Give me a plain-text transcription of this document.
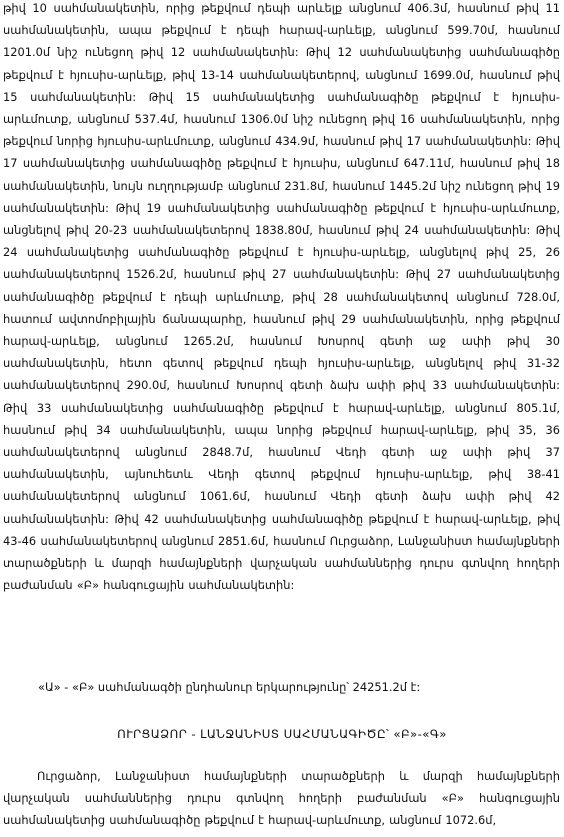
թիվ 10 սահմանակետին, որից թեքվում դեպի արևելք անցնում 406.3մ, հասնում թիվ 11 սահմանակետին, ապա թեքվում է դեպի հարավ-արևելք, անցնում 599.70մ, հասնում 1201.0մ նիշ ունեցող թիվ 12 սահմանակետին: Թիվ 12 սահմանակետից սահմանագիծը թեքվում է հյուսիս-արևելք, թիվ 13-14 սահմանակետերով, անցնում 1699.0մ, հասնում թիվ 15 սահմանակետին: Թիվ 15 սահմանակետից սահմանագիծը թեքվում է հյուսիս-արևմուտք, անցնում 537.4մ, հասնում 1306.0մ նիշ ունեցող թիվ 16 սահմանակետին, որից թեքվում նորից հյուսիս-արևմուտք, անցնում 434.9մ, հասնում թիվ 17 սահմանակետին: Թիվ 17 սահմանակետից սահմանագիծը թեքվում է հյուսիս, անցնում 647.11մ, հասնում թիվ 18 սահմանակետին, նույն ուղղությամբ անցնում 231.8մ, հասնում 1445.2մ նիշ ունեցող թիվ 19 սահմանակետին: Թիվ 19 սահմանակետից սահմանագիծը թեքվում է հյուսիս-արևմուտք, անցնելով թիվ 20-23 սահմանակետերով 1838.80մ, հասնում թիվ 24 սահմանակետին: Թիվ 24 սահմանակետից սահմանագիծը թեքվում է հյուսիս-արևելք, անցնելով թիվ 25, 26 սահմանակետերով 1526.2մ, հասնում թիվ 27 սահմանակետին: Թիվ 27 սահմանակետից սահմանագիծը թեքվում է դեպի արևմուտք, թիվ 28 սահմանակետով անցնում 728.0մ, հատում ավտոմոբիլային ճանապարհը, հասնում թիվ 29 սահմանակետին, որից թեքվում հարավ-արևելք, անցնում 1265.2մ, հասնում Խոսրով գետի աջ ափի թիվ 30 սահմանակետին, հետո գետով թեքվում դեպի հյուսիս-արևելք, անցնելով թիվ 31-32 սահմանակետերով 290.0մ, հասնում Խոսրով գետի ձախ ափի թիվ 33 սահմանակետին: Թիվ 33 սահմանակետից սահմանագիծը թեքվում է հարավ-արևելք, անցնում 805.1մ, հասնում թիվ 34 սահմանակետին, ապա նորից թեքվում հարավ-արևելք, թիվ 35, 36 սահմանակետերով անցնում 2848.7մ, հասնում Վեդի գետի աջ ափի թիվ 37 սահմանակետին, այնուհետև Վեդի գետով թեքվում հյուսիս-արևելք, թիվ 38-41 սահմանակետերով անցնում 1061.6մ, հասնում Վեդի գետի ձախ ափի թիվ 42 սահմանակետին: Թիվ 42 սահմանակետից սահմանագիծը թեքվում է հարավ-արևելք, թիվ 43-46 սահմանակետերով անցնում 2851.6մ, հասնում Ուրցաձոր, Լանջանիստ համայնքների տարածքների և մարզի համայնքների վարչական սահմաններից դուրս գտնվող հողերի բաժանման «Բ» հանգուցային սահմանակետին:

«Ա» - «Բ» սահմանագծի ընդհանուր երկարությունը՝ 24251.2մ է:
ՈՒՐՑԱՁՈՐ - ԼԱՆՋԱՆԻՍՏ ՍԱՀՄԱՆԱԳԻԾԸ՝ «Բ»-«Գ»

Ուրցաձոր, Լանջանիստ համայնքների տարածքների և մարզի համայնքների վարչական սահմաններից դուրս գտնվող հողերի բաժանման «Բ» հանգուցային սահմանակետից սահմանագիծը թեքվում է հարավ-արևմուտք, անցնում 1072.6մ,
